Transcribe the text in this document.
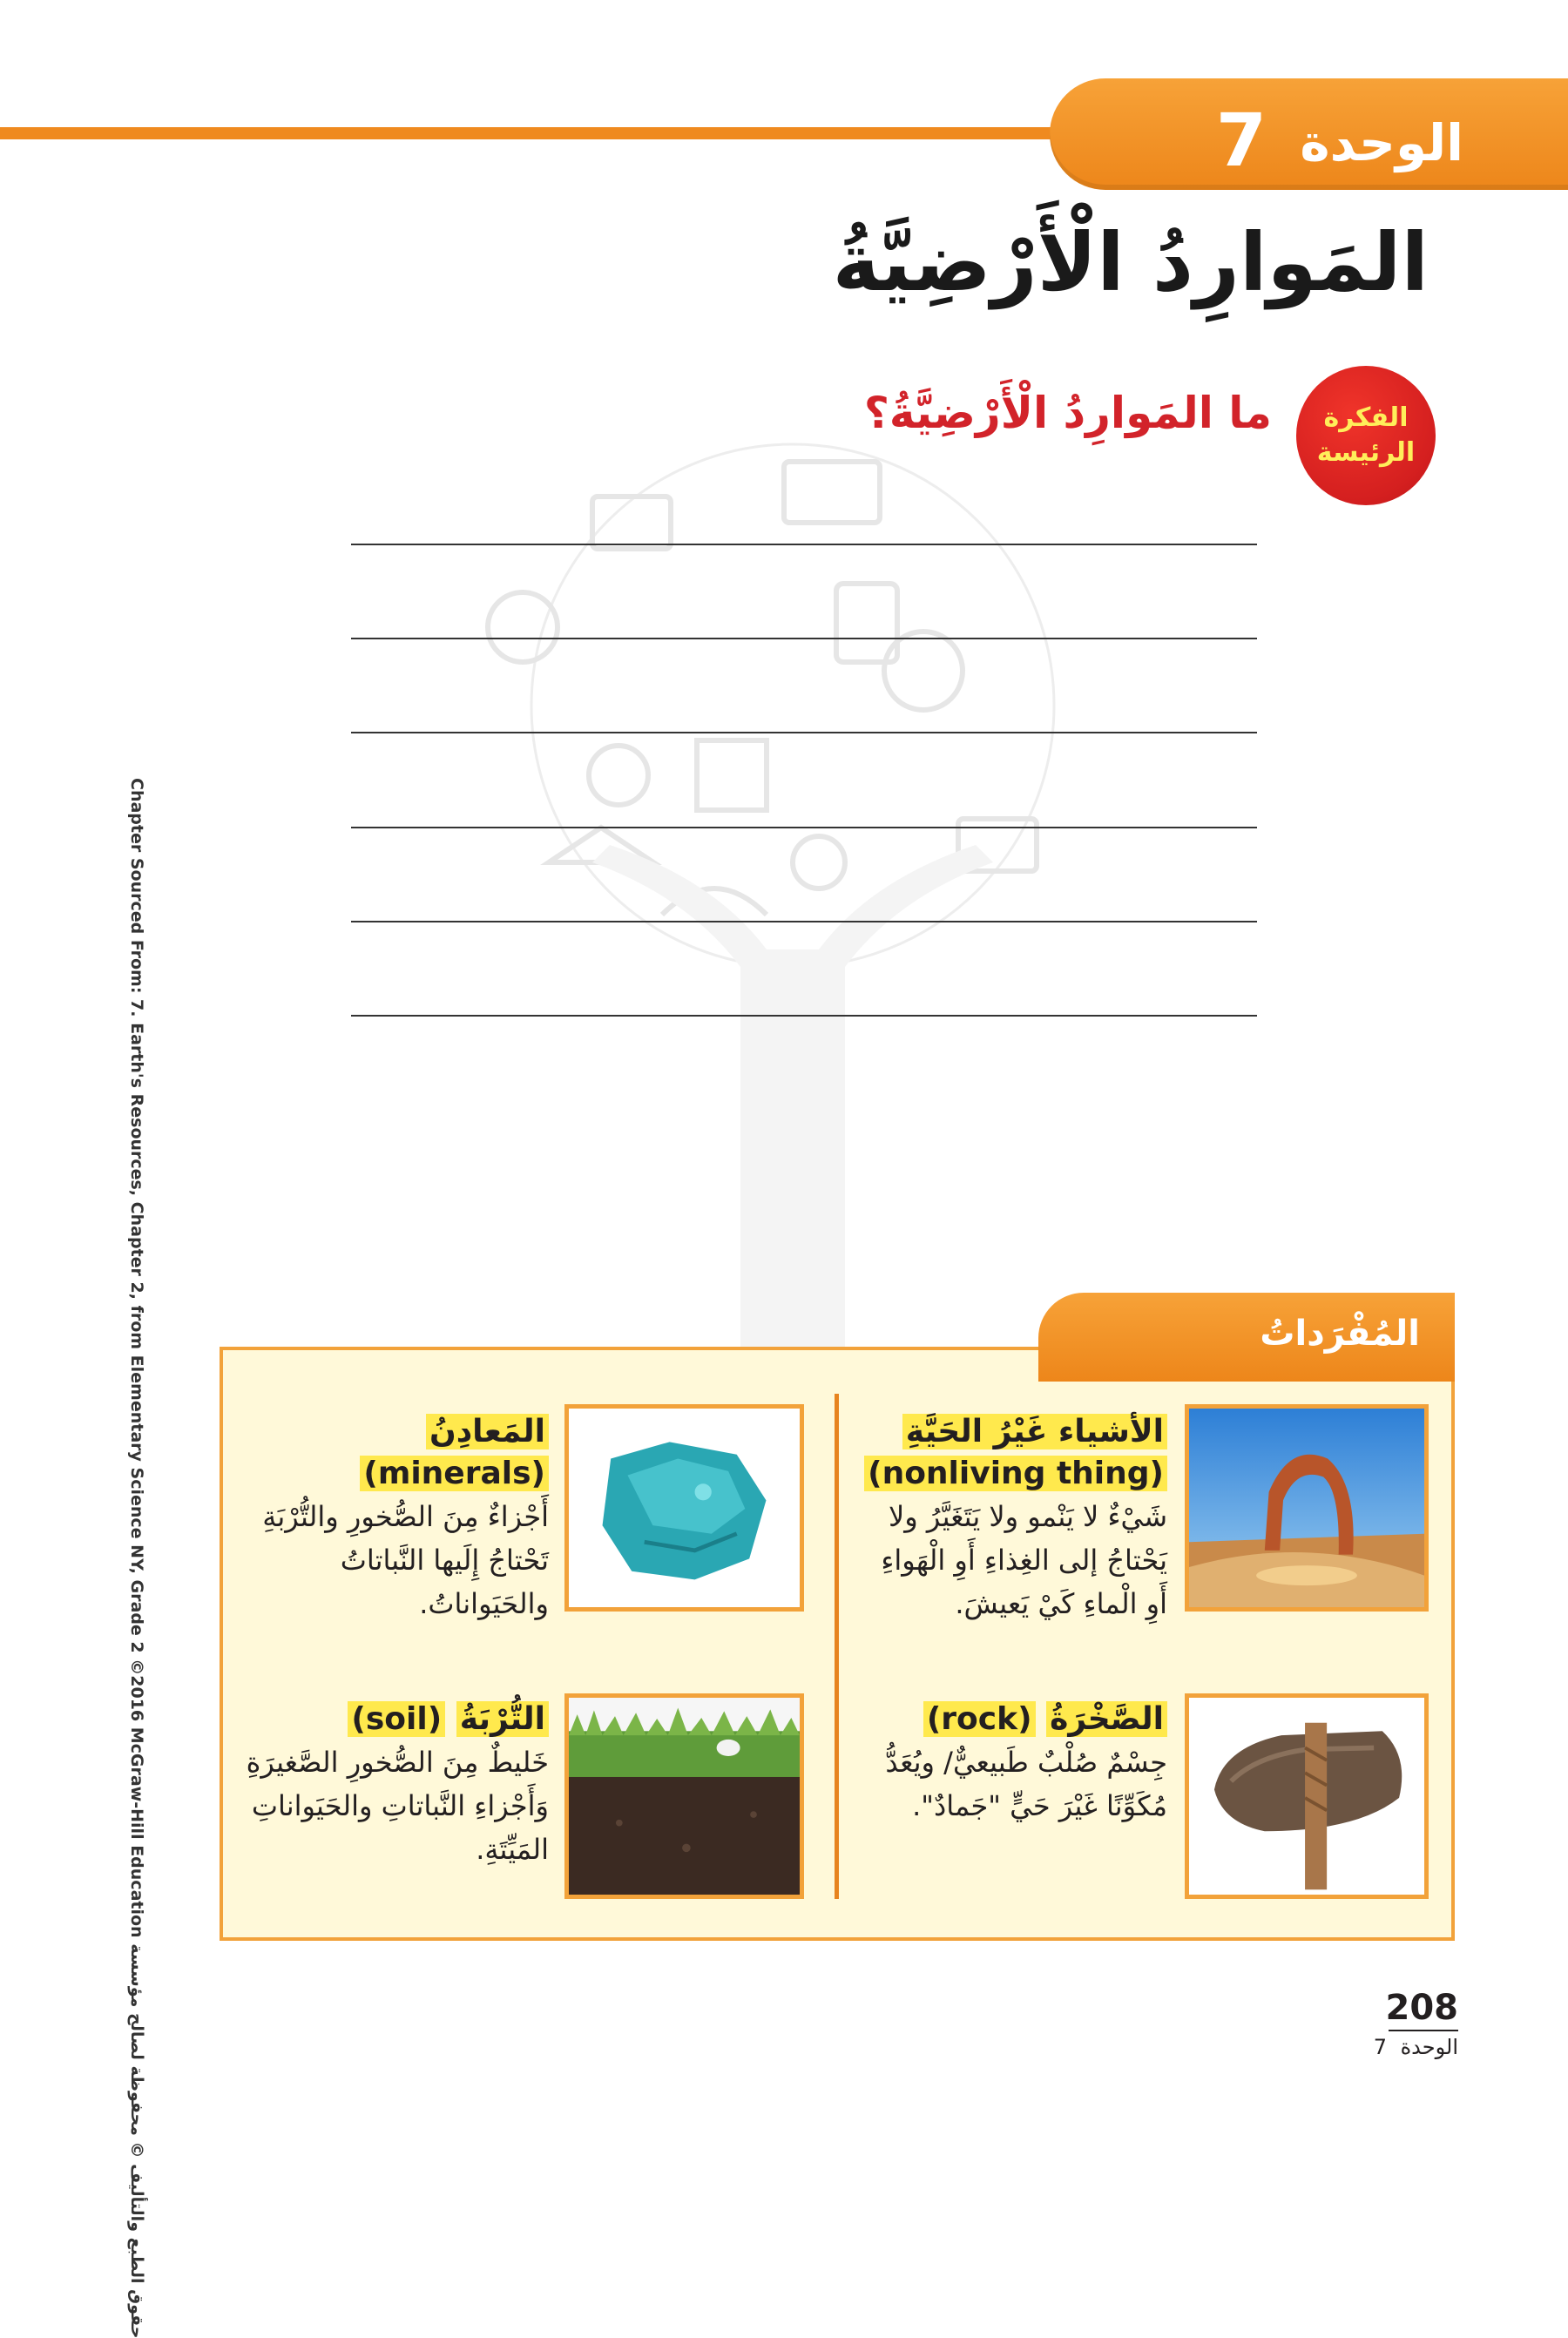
الوحدة 7
المَوارِدُ الْأَرْضِيَّةُ
الفكرة الرئيسة
ما المَوارِدُ الْأَرْضِيَّةُ؟
Chapter Sourced From: 7. Earth's Resources, Chapter 2, from Elementary Science NY, Grade 2 ©2016 McGraw-Hill Education حقوق الطبع والتأليف © محفوظة لصالح مؤسسة
المُفْرَداتُ
الأشياء غَيْرُ الحَيَّةِ
(nonliving thing)
شَيْءٌ لا يَنْمو ولا يَتَغَيَّرُ ولا يَحْتاجُ إلى الغِذاءِ أَوِ الْهَواءِ أَوِ الْماءِ كَيْ يَعيشَ.
المَعادِنُ (minerals)
أَجْزاءٌ مِنَ الصُّخورِ والتُّرْبَةِ تَحْتاجُ إِلَيها النَّباتاتُ والحَيَواناتُ.
الصَّخْرَةُ (rock)
جِسْمٌ صُلْبٌ طَبيعيٌّ/ ويُعَدُّ مُكَوِّنًا غَيْرَ حَيٍّ "جَمادٌ".
التُّرْبَةُ (soil)
خَليطٌ مِنَ الصُّخورِ الصَّغيرَةِ وَأَجْزاءِ النَّباتاتِ والحَيَواناتِ المَيِّتَةِ.
208
الوحدة 7
